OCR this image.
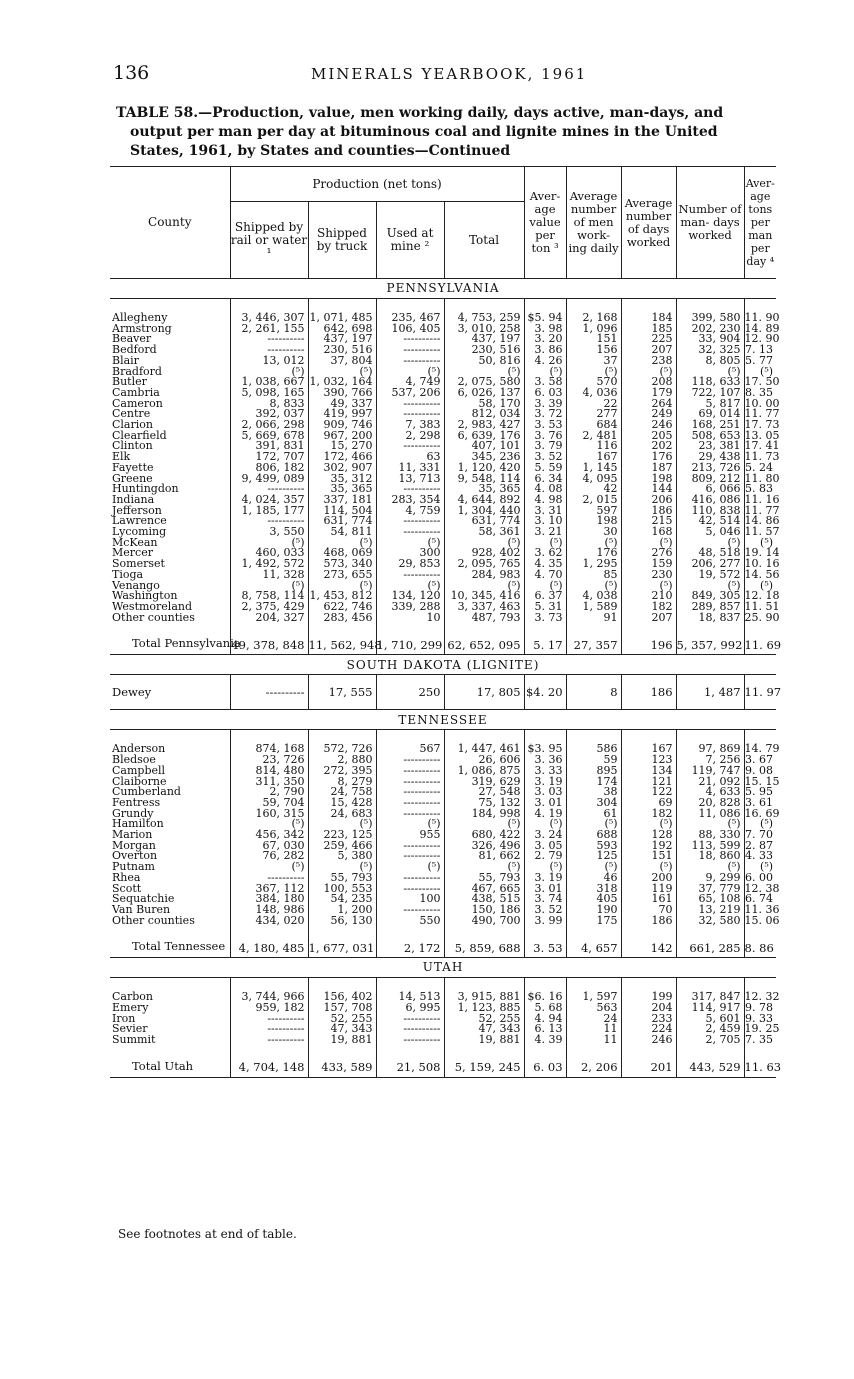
136	MINERALS YEARBOOK, 1961
TABLE 58.—Production, value, men working daily, days active, man-days, and
output per man per day at bituminous coal and lignite mines in the United
States, 1961, by States and counties—Continued
County	Production (net tons)				Aver- age value per ton ³	Average number of men work- ing daily	Average number of days worked	Number of man- days worked	Aver- age tons per man per day ⁴
	Shipped by rail or water ¹	Shipped by truck	Used at mine ²	Total					
PENNSYLVANIA									

Allegheny	3, 446, 307	1, 071, 485	235, 467	4, 753, 259	$5. 94	2, 168	184	399, 580	11. 90
Armstrong	2, 261, 155	642, 698	106, 405	3, 010, 258	3. 98	1, 096	185	202, 230	14. 89
Beaver	----------	437, 197	----------	437, 197	3. 20	151	225	33, 904	12. 90
Bedford	----------	230, 516	----------	230, 516	3. 86	156	207	32, 325	7. 13
Blair	13, 012	37, 804	----------	50, 816	4. 26	37	238	8, 805	5. 77
Bradford	(⁵)	(⁵)	(⁵)	(⁵)	(⁵)	(⁵)	(⁵)	(⁵)	(⁵)
Butler	1, 038, 667	1, 032, 164	4, 749	2, 075, 580	3. 58	570	208	118, 633	17. 50
Cambria	5, 098, 165	390, 766	537, 206	6, 026, 137	6. 03	4, 036	179	722, 107	8. 35
Cameron	8, 833	49, 337	----------	58, 170	3. 39	22	264	5, 817	10. 00
Centre	392, 037	419, 997	----------	812, 034	3. 72	277	249	69, 014	11. 77
Clarion	2, 066, 298	909, 746	7, 383	2, 983, 427	3. 53	684	246	168, 251	17. 73
Clearfield	5, 669, 678	967, 200	2, 298	6, 639, 176	3. 76	2, 481	205	508, 653	13. 05
Clinton	391, 831	15, 270	----------	407, 101	3. 79	116	202	23, 381	17. 41
Elk	172, 707	172, 466	63	345, 236	3. 52	167	176	29, 438	11. 73
Fayette	806, 182	302, 907	11, 331	1, 120, 420	5. 59	1, 145	187	213, 726	5. 24
Greene	9, 499, 089	35, 312	13, 713	9, 548, 114	6. 34	4, 095	198	809, 212	11. 80
Huntingdon	----------	35, 365	----------	35, 365	4. 08	42	144	6, 066	5. 83
Indiana	4, 024, 357	337, 181	283, 354	4, 644, 892	4. 98	2, 015	206	416, 086	11. 16
Jefferson	1, 185, 177	114, 504	4, 759	1, 304, 440	3. 31	597	186	110, 838	11. 77
Lawrence	----------	631, 774	----------	631, 774	3. 10	198	215	42, 514	14. 86
Lycoming	3, 550	54, 811	----------	58, 361	3. 21	30	168	5, 046	11. 57
McKean	(⁵)	(⁵)	(⁵)	(⁵)	(⁵)	(⁵)	(⁵)	(⁵)	(⁵)
Mercer	460, 033	468, 069	300	928, 402	3. 62	176	276	48, 518	19. 14
Somerset	1, 492, 572	573, 340	29, 853	2, 095, 765	4. 35	1, 295	159	206, 277	10. 16
Tioga	11, 328	273, 655	----------	284, 983	4. 70	85	230	19, 572	14. 56
Venango	(⁵)	(⁵)	(⁵)	(⁵)	(⁵)	(⁵)	(⁵)	(⁵)	(⁵)
Washington	8, 758, 114	1, 453, 812	134, 120	10, 345, 416	6. 37	4, 038	210	849, 305	12. 18
Westmoreland	2, 375, 429	622, 746	339, 288	3, 337, 463	5. 31	1, 589	182	289, 857	11. 51
Other counties	204, 327	283, 456	10	487, 793	3. 73	91	207	18, 837	25. 90

Total Pennsylvania	49, 378, 848	11, 562, 948	1, 710, 299	62, 652, 095	5. 17	27, 357	196	5, 357, 992	11. 69
SOUTH DAKOTA (LIGNITE)									
Dewey	----------	17, 555	250	17, 805	$4. 20	8	186	1, 487	11. 97
TENNESSEE									

Anderson	874, 168	572, 726	567	1, 447, 461	$3. 95	586	167	97, 869	14. 79
Bledsoe	23, 726	2, 880	----------	26, 606	3. 36	59	123	7, 256	3. 67
Campbell	814, 480	272, 395	----------	1, 086, 875	3. 33	895	134	119, 747	9. 08
Claiborne	311, 350	8, 279	----------	319, 629	3. 19	174	121	21, 092	15. 15
Cumberland	2, 790	24, 758	----------	27, 548	3. 03	38	122	4, 633	5. 95
Fentress	59, 704	15, 428	----------	75, 132	3. 01	304	69	20, 828	3. 61
Grundy	160, 315	24, 683	----------	184, 998	4. 19	61	182	11, 086	16. 69
Hamilton	(⁵)	(⁵)	(⁵)	(⁵)	(⁵)	(⁵)	(⁵)	(⁵)	(⁵)
Marion	456, 342	223, 125	955	680, 422	3. 24	688	128	88, 330	7. 70
Morgan	67, 030	259, 466	----------	326, 496	3. 05	593	192	113, 599	2. 87
Overton	76, 282	5, 380	----------	81, 662	2. 79	125	151	18, 860	4. 33
Putnam	(⁵)	(⁵)	(⁵)	(⁵)	(⁵)	(⁵)	(⁵)	(⁵)	(⁵)
Rhea	----------	55, 793	----------	55, 793	3. 19	46	200	9, 299	6. 00
Scott	367, 112	100, 553	----------	467, 665	3. 01	318	119	37, 779	12. 38
Sequatchie	384, 180	54, 235	100	438, 515	3. 74	405	161	65, 108	6. 74
Van Buren	148, 986	1, 200	----------	150, 186	3. 52	190	70	13, 219	11. 36
Other counties	434, 020	56, 130	550	490, 700	3. 99	175	186	32, 580	15. 06

Total Tennessee	4, 180, 485	1, 677, 031	2, 172	5, 859, 688	3. 53	4, 657	142	661, 285	8. 86
UTAH									

Carbon	3, 744, 966	156, 402	14, 513	3, 915, 881	$6. 16	1, 597	199	317, 847	12. 32
Emery	959, 182	157, 708	6, 995	1, 123, 885	5. 68	563	204	114, 917	9. 78
Iron	----------	52, 255	----------	52, 255	4. 94	24	233	5, 601	9. 33
Sevier	----------	47, 343	----------	47, 343	6. 13	11	224	2, 459	19. 25
Summit	----------	19, 881	----------	19, 881	4. 39	11	246	2, 705	7. 35

Total Utah	4, 704, 148	433, 589	21, 508	5, 159, 245	6. 03	2, 206	201	443, 529	11. 63
See footnotes at end of table.
